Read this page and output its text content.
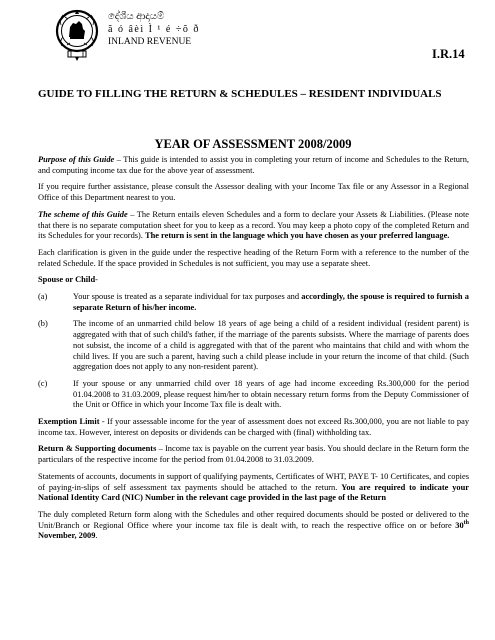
දේශීය ආදායම්
ã ó âèì Ì ¹ é ÷õ ð
INLAND REVENUE
I.R.14
GUIDE TO FILLING THE RETURN & SCHEDULES – RESIDENT INDIVIDUALS
YEAR OF ASSESSMENT 2008/2009

Purpose of this Guide – This guide is intended to assist you in completing your return of income and Schedules to the Return, and computing income tax due for the above year of assessment.

If you require further assistance, please consult the Assessor dealing with your Income Tax file or any Assessor in a Regional Office of this Department nearest to you.

The scheme of this Guide – The Return entails eleven Schedules and a form to declare your Assets & Liabilities. (Please note that there is no separate computation sheet for you to keep as a record. You may keep a photo copy of the completed Return and its Schedules for your records). The return is sent in the language which you have chosen as your preferred language.

Each clarification is given in the guide under the respective heading of the Return Form with a reference to the number of the related Schedule. If the space provided in Schedules is not sufficient, you may use a separate sheet.

Spouse or Child-
(a)	Your spouse is treated as a separate individual for tax purposes and accordingly, the spouse is required to furnish a separate Return of his/her income.
(b)	The income of an unmarried child below 18 years of age being a child of a resident individual (resident parent) is aggregated with that of such child's father, if the marriage of the parents subsists. Where the marriage of parents does not subsist, the income of a child is aggregated with that of the parent who maintains that child and with whom the child lives. If you are such a parent, having such a child please include in your return the income of that child. (Such aggregation does not apply to any non-resident parent).
(c)	If your spouse or any unmarried child over 18 years of age had income exceeding Rs.300,000 for the period 01.04.2008 to 31.03.2009, please request him/her to obtain necessary return forms from the Deputy Commissioner of the Unit or Office in which your Income Tax file is dealt with.

Exemption Limit - If your assessable income for the year of assessment does not exceed Rs.300,000, you are not liable to pay income tax. However, interest on deposits or dividends can be charged with (final) withholding tax.

Return & Supporting documents – Income tax is payable on the current year basis. You should declare in the Return form the particulars of the respective income for the period from 01.04.2008 to 31.03.2009.

Statements of accounts, documents in support of qualifying payments, Certificates of WHT, PAYE T- 10 Certificates, and copies of paying-in-slips of self assessment tax payments should be attached to the return. You are required to indicate your National Identity Card (NIC) Number in the relevant cage provided in the last page of the Return

The duly completed Return form along with the Schedules and other required documents should be posted or delivered to the Unit/Branch or Regional Office where your income tax file is dealt with, to reach the respective office on or before 30th November, 2009.
